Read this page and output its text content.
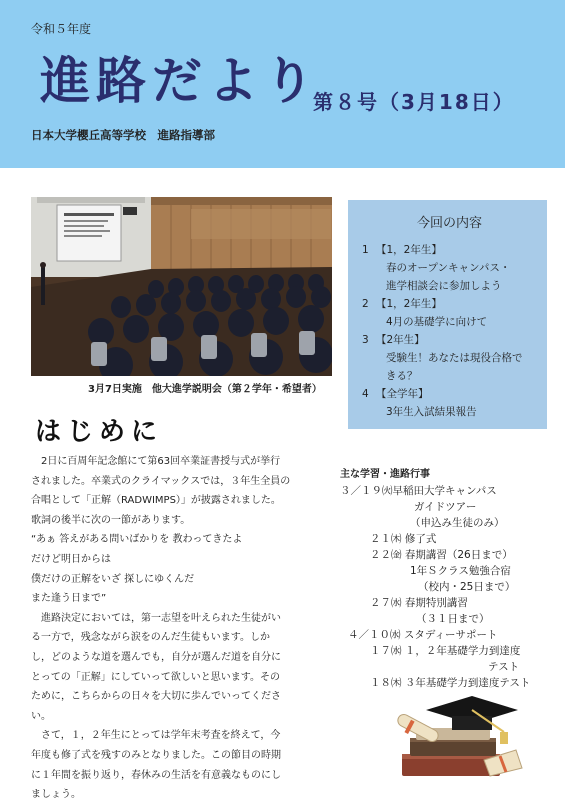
令和５年度
進路だより
第８号（3月18日）
日本大学櫻丘高等学校　進路指導部
3月7日実施　他大進学説明会（第２学年・希望者）
今回の内容
1 【1，2年生】
春のオープンキャンパス・
進学相談会に参加しよう
2 【1，2年生】
4月の基礎学に向けて
3 【2年生】
受験生！あなたは現役合格で
きる？
4 【全学年】
3年生入試結果報告
はじめに

　2日に百周年記念館にて第63回卒業証書授与式が挙行

されました。卒業式のクライマックスでは，３年生全員の

合唱として「正解（RADWIMPS）」が披露されました。

歌詞の後半に次の一節があります。

“あぁ 答えがある問いばかりを 教わってきたよ

だけど明日からは

僕だけの正解をいざ 探しにゆくんだ

また逢う日まで”

　進路決定においては，第一志望を叶えられた生徒がい

る一方で，残念ながら涙をのんだ生徒もいます。しか

し，どのような道を選んでも，自分が選んだ道を自分に

とっての「正解」にしていって欲しいと思います。その

ために，こちらからの日々を大切に歩んでいってくださ

い。

　さて，１，２年生にとっては学年末考査を終えて，今

年度も修了式を残すのみとなりました。この節目の時期

に１年間を振り返り，春休みの生活を有意義なものにし

ましょう。

主な学習・進路行事
３／１９㈫早稲田大学キャンパス
ガイドツアー
（申込み生徒のみ）
２１㈭ 修了式
２２㈮ 春期講習（26日まで）
1年Ｓクラス勉強合宿
（校内・25日まで）
２７㈬ 春期特別講習
（３１日まで）
４／１０㈬ スタディーサポート
１７㈬ １，２年基礎学力到達度
テスト
１８㈭ ３年基礎学力到達度テスト
